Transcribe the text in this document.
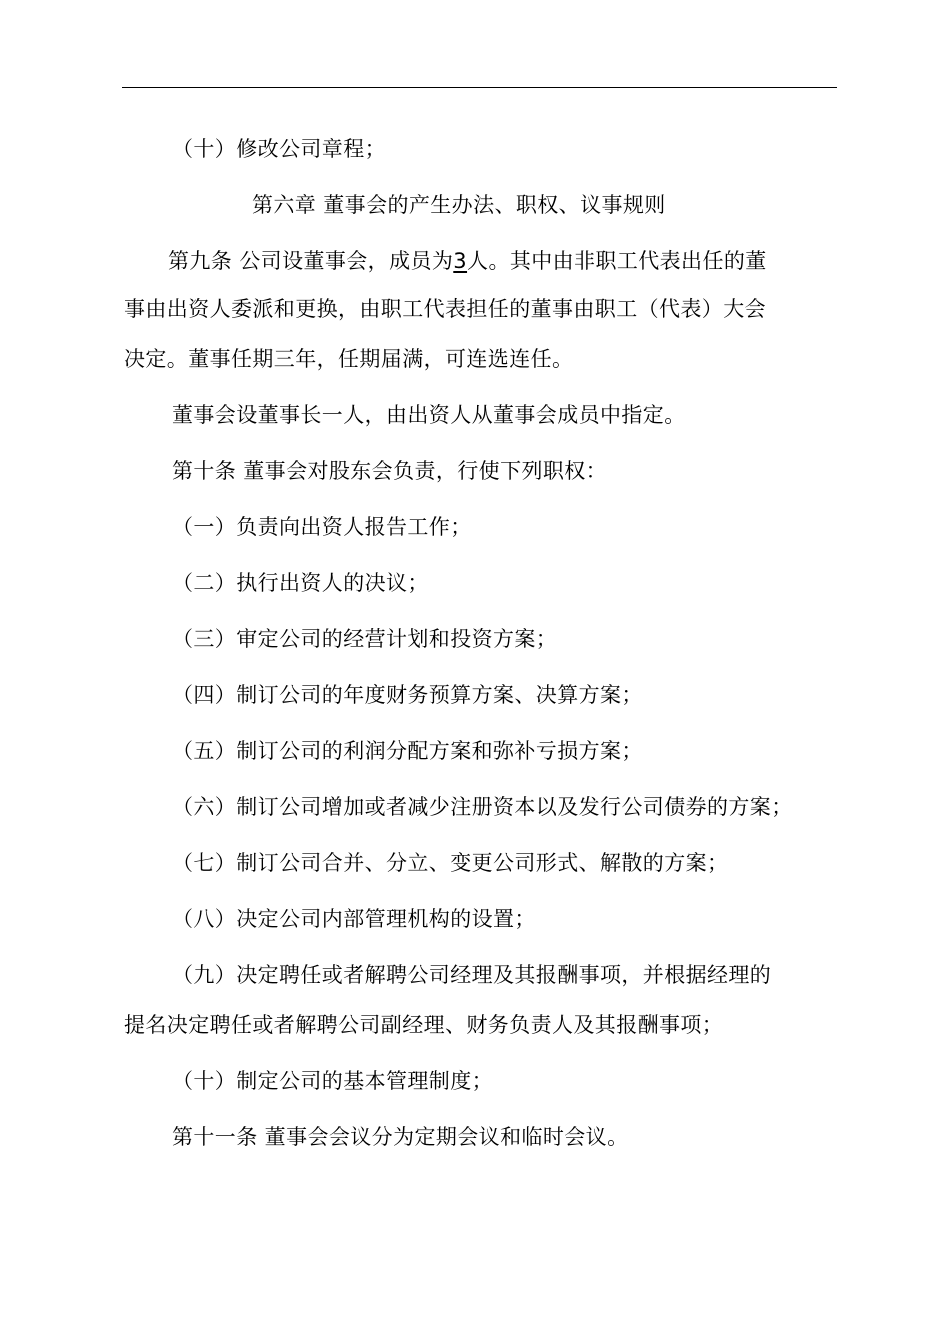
（十）修改公司章程；
第六章 董事会的产生办法、职权、议事规则
第九条 公司设董事会，成员为3人。其中由非职工代表出任的董
事由出资人委派和更换，由职工代表担任的董事由职工（代表）大会
决定。董事任期三年，任期届满，可连选连任。
董事会设董事长一人，由出资人从董事会成员中指定。
第十条 董事会对股东会负责，行使下列职权：
（一）负责向出资人报告工作；
（二）执行出资人的决议；
（三）审定公司的经营计划和投资方案；
（四）制订公司的年度财务预算方案、决算方案；
（五）制订公司的利润分配方案和弥补亏损方案；
（六）制订公司增加或者减少注册资本以及发行公司债券的方案；
（七）制订公司合并、分立、变更公司形式、解散的方案；
（八）决定公司内部管理机构的设置；
（九）决定聘任或者解聘公司经理及其报酬事项，并根据经理的
提名决定聘任或者解聘公司副经理、财务负责人及其报酬事项；
（十）制定公司的基本管理制度；
第十一条 董事会会议分为定期会议和临时会议。
